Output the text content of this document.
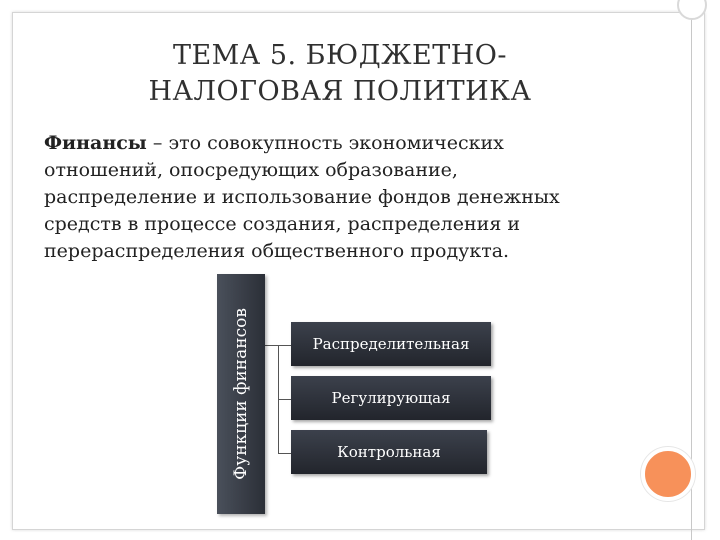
ТЕМА 5. БЮДЖЕТНО-
НАЛОГОВАЯ ПОЛИТИКА
Финансы – это совокупность экономических отношений, опосредующих образование, распределение и использование фондов денежных средств в процессе создания, распределения и перераспределения общественного продукта.
Функции финансов	Распределительная
Регулирующая
Контрольная
